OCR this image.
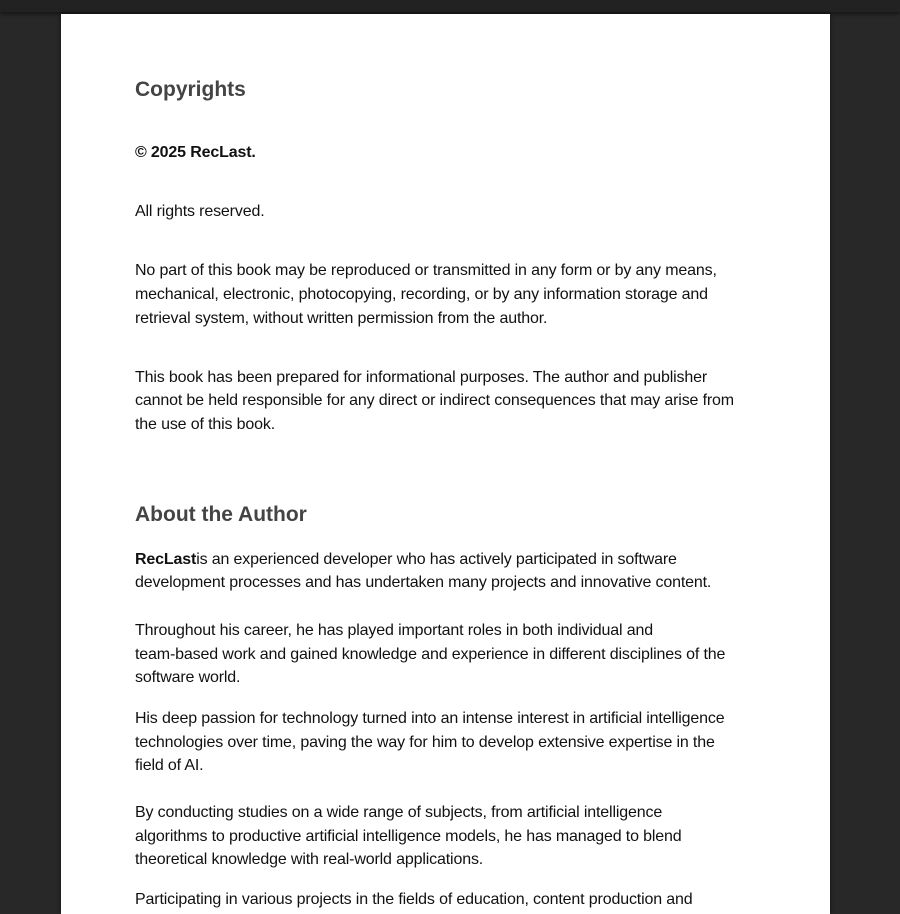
Copyrights
© 2025 RecLast.
All rights reserved.
No part of this book may be reproduced or transmitted in any form or by any means,
mechanical, electronic, photocopying, recording, or by any information storage and
retrieval system, without written permission from the author.
This book has been prepared for informational purposes. The author and publisher
cannot be held responsible for any direct or indirect consequences that may arise from
the use of this book.
About the Author
RecLastis an experienced developer who has actively participated in software
development processes and has undertaken many projects and innovative content.
Throughout his career, he has played important roles in both individual and
team-based work and gained knowledge and experience in different disciplines of the
software world.
His deep passion for technology turned into an intense interest in artificial intelligence
technologies over time, paving the way for him to develop extensive expertise in the
field of AI.
By conducting studies on a wide range of subjects, from artificial intelligence
algorithms to productive artificial intelligence models, he has managed to blend
theoretical knowledge with real-world applications.
Participating in various projects in the fields of education, content production and
